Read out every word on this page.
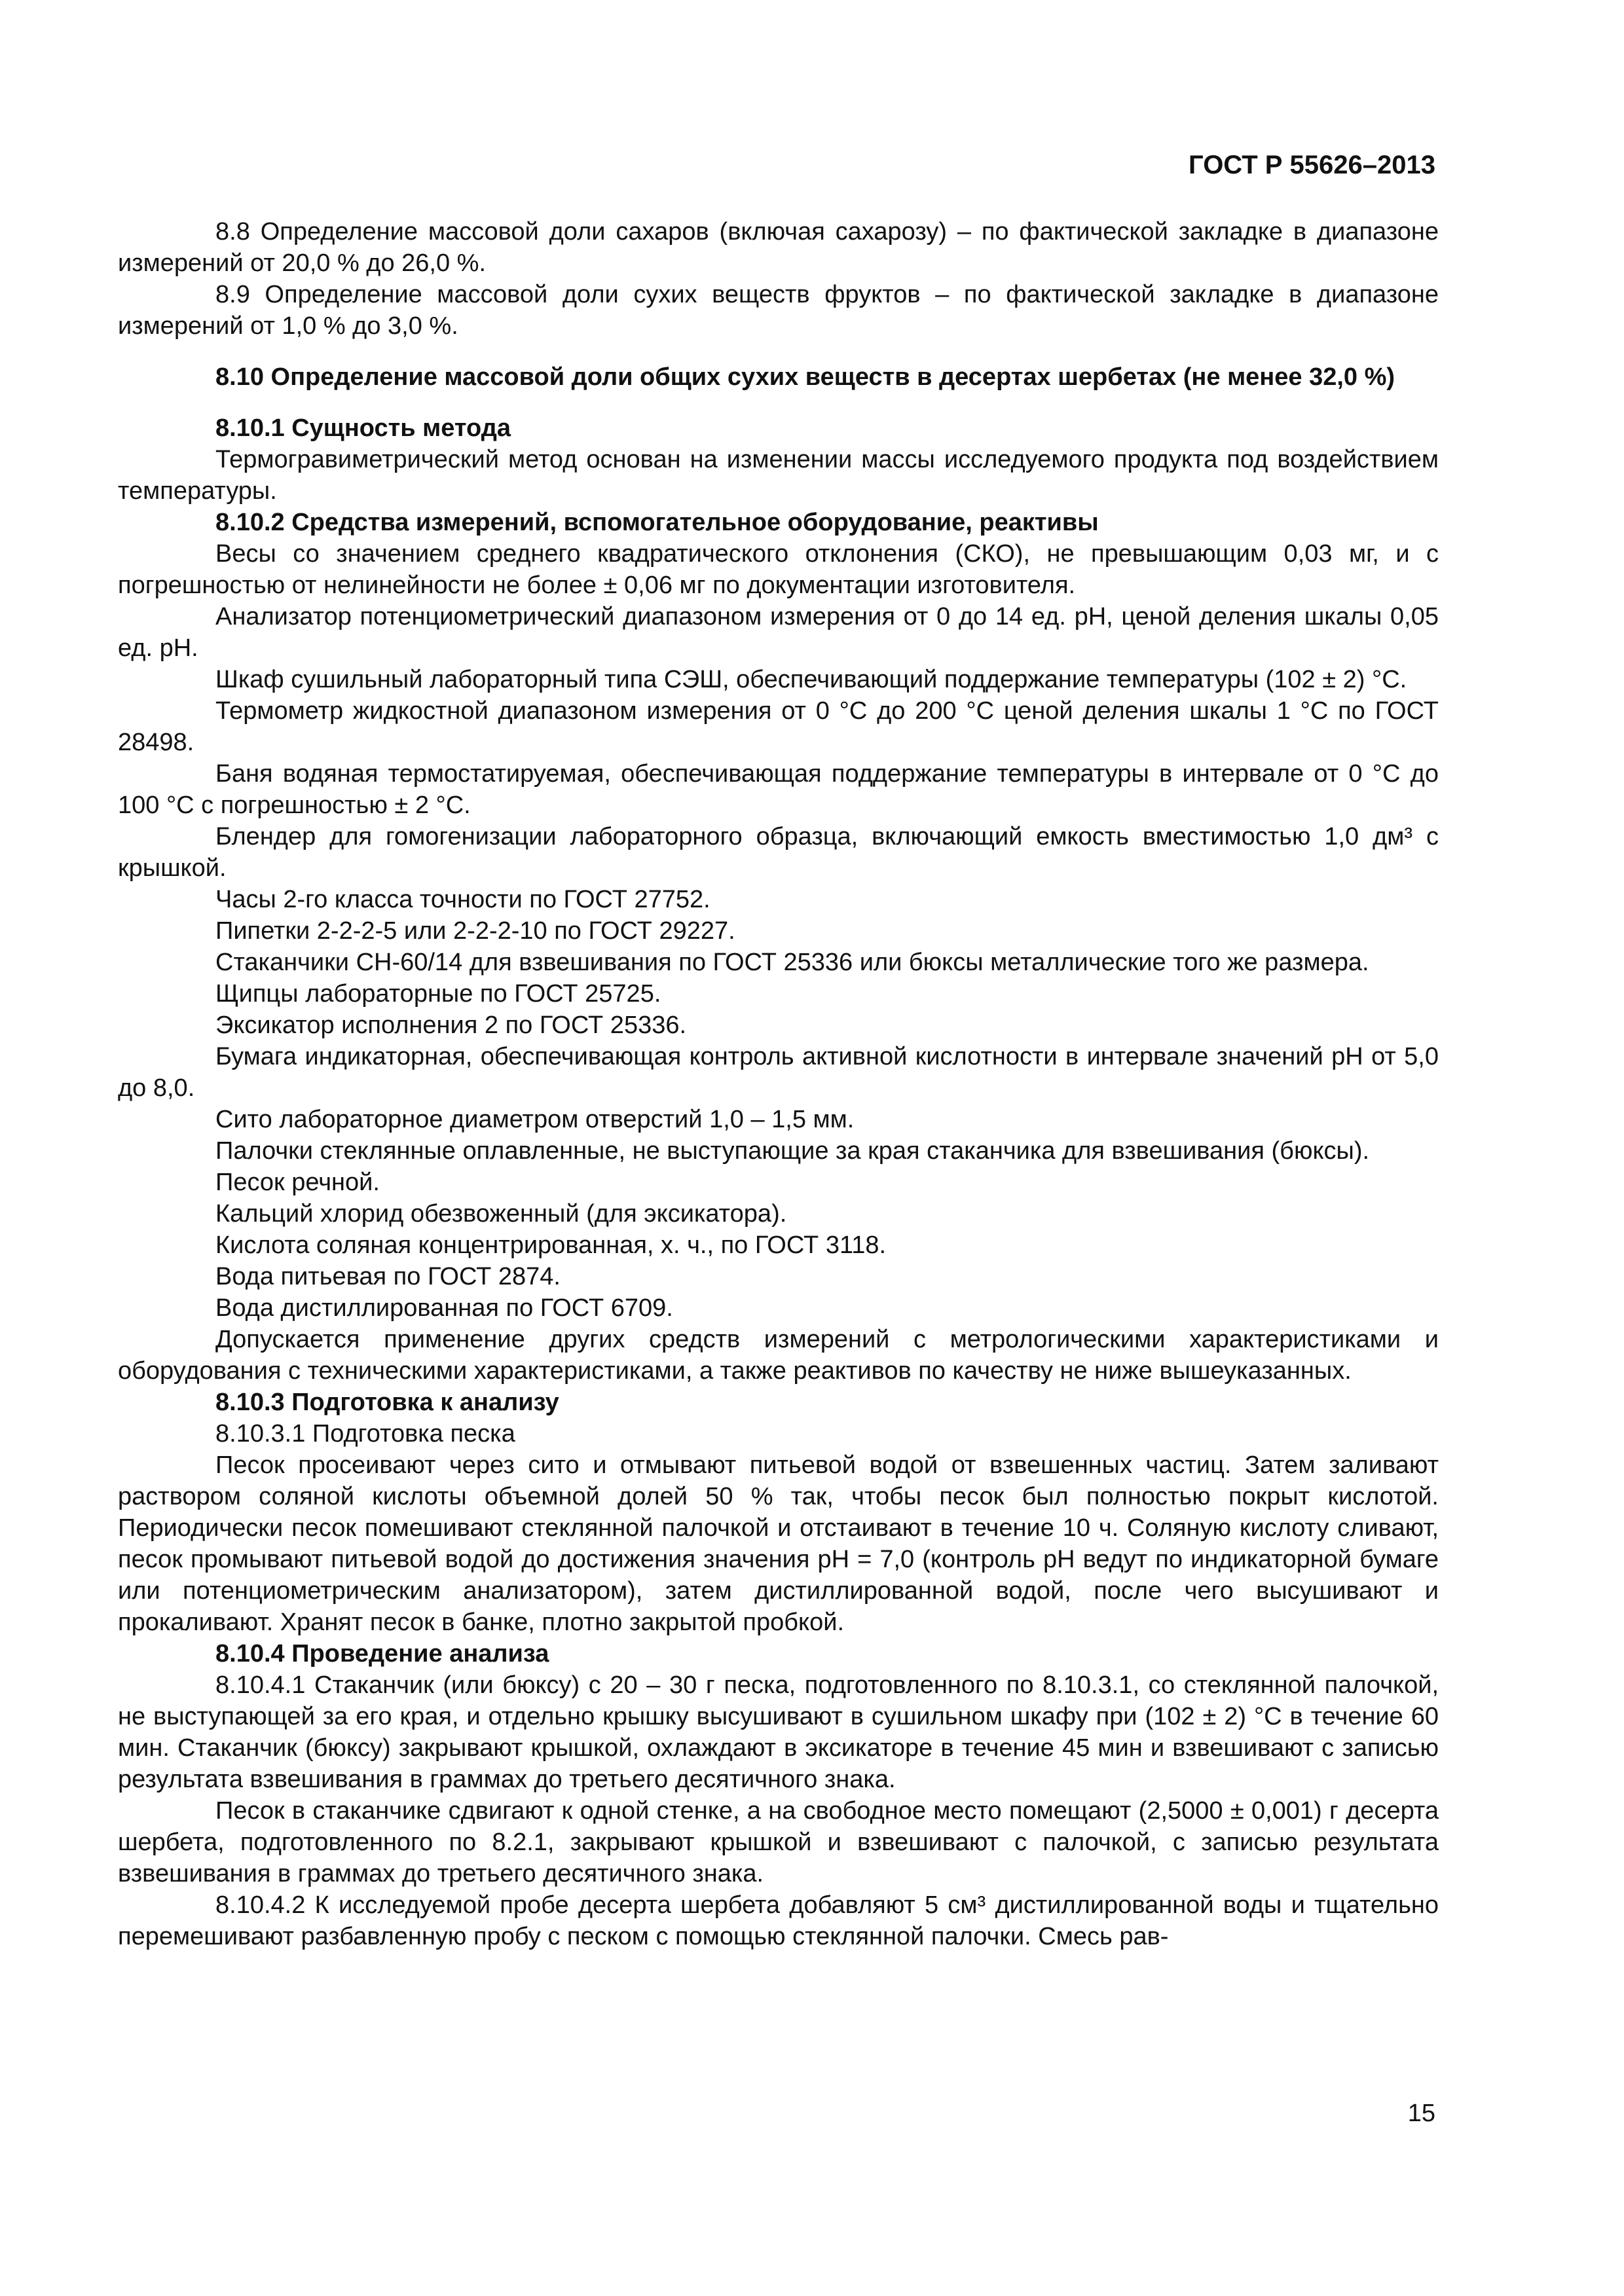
ГОСТ Р 55626–2013

8.8 Определение массовой доли сахаров (включая сахарозу) – по фактической закладке в диапазоне измерений от 20,0 % до 26,0 %.

8.9 Определение массовой доли сухих веществ фруктов – по фактической закладке в диапазоне измерений от 1,0 % до 3,0 %.

8.10 Определение массовой доли общих сухих веществ в десертах шербетах (не менее 32,0 %)

8.10.1 Сущность метода

Термогравиметрический метод основан на изменении массы исследуемого продукта под воздействием температуры.

8.10.2 Средства измерений, вспомогательное оборудование, реактивы

Весы со значением среднего квадратического отклонения (СКО), не превышающим 0,03 мг, и с погрешностью от нелинейности не более ± 0,06 мг по документации изготовителя.

Анализатор потенциометрический диапазоном измерения от 0 до 14 ед. pH, ценой деления шкалы 0,05 ед. pH.

Шкаф сушильный лабораторный типа СЭШ, обеспечивающий поддержание температуры (102 ± 2) °С.

Термометр жидкостной диапазоном измерения от 0 °С до 200 °С ценой деления шкалы 1 °С по ГОСТ 28498.

Баня водяная термостатируемая, обеспечивающая поддержание температуры в интервале от 0 °С до 100 °С с погрешностью ± 2 °С.

Блендер для гомогенизации лабораторного образца, включающий емкость вместимостью 1,0 дм³ с крышкой.

Часы 2-го класса точности по ГОСТ 27752.

Пипетки 2-2-2-5 или 2-2-2-10 по ГОСТ 29227.

Стаканчики СН-60/14 для взвешивания по ГОСТ 25336 или бюксы металлические того же размера.

Щипцы лабораторные по ГОСТ 25725.

Эксикатор исполнения 2 по ГОСТ 25336.

Бумага индикаторная, обеспечивающая контроль активной кислотности в интервале значений pH от 5,0 до 8,0.

Сито лабораторное диаметром отверстий 1,0 – 1,5 мм.

Палочки стеклянные оплавленные, не выступающие за края стаканчика для взвешивания (бюксы).

Песок речной.

Кальций хлорид обезвоженный (для эксикатора).

Кислота соляная концентрированная, х. ч., по ГОСТ 3118.

Вода питьевая по ГОСТ 2874.

Вода дистиллированная по ГОСТ 6709.

Допускается применение других средств измерений с метрологическими характеристиками и оборудования с техническими характеристиками, а также реактивов по качеству не ниже вышеуказанных.

8.10.3 Подготовка к анализу

8.10.3.1 Подготовка песка

Песок просеивают через сито и отмывают питьевой водой от взвешенных частиц. Затем заливают раствором соляной кислоты объемной долей 50 % так, чтобы песок был полностью покрыт кислотой. Периодически песок помешивают стеклянной палочкой и отстаивают в течение 10 ч. Соляную кислоту сливают, песок промывают питьевой водой до достижения значения pH = 7,0 (контроль pH ведут по индикаторной бумаге или потенциометрическим анализатором), затем дистиллированной водой, после чего высушивают и прокаливают. Хранят песок в банке, плотно закрытой пробкой.

8.10.4 Проведение анализа

8.10.4.1 Стаканчик (или бюксу) с 20 – 30 г песка, подготовленного по 8.10.3.1, со стеклянной палочкой, не выступающей за его края, и отдельно крышку высушивают в сушильном шкафу при (102 ± 2) °С в течение 60 мин. Стаканчик (бюксу) закрывают крышкой, охлаждают в эксикаторе в течение 45 мин и взвешивают с записью результата взвешивания в граммах до третьего десятичного знака.

Песок в стаканчике сдвигают к одной стенке, а на свободное место помещают (2,5000 ± 0,001) г десерта шербета, подготовленного по 8.2.1, закрывают крышкой и взвешивают с палочкой, с записью результата взвешивания в граммах до третьего десятичного знака.

8.10.4.2 К исследуемой пробе десерта шербета добавляют 5 см³ дистиллированной воды и тщательно перемешивают разбавленную пробу с песком с помощью стеклянной палочки. Смесь рав-

15
